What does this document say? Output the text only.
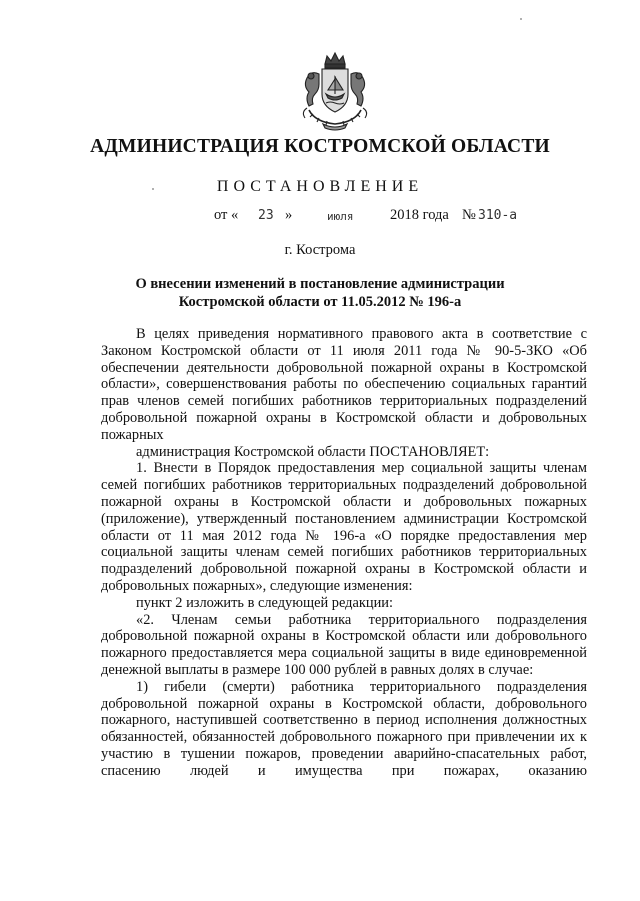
АДМИНИСТРАЦИЯ КОСТРОМСКОЙ ОБЛАСТИ
ПОСТАНОВЛЕНИЕ
от « 23 »	июля	2018 года № 310-а
г. Кострома
О внесении изменений в постановление администрации
Костромской области от 11.05.2012 № 196-а

В целях приведения нормативного правового акта в соответствие с Законом Костромской области от 11 июля 2011 года № 90-5-ЗКО «Об обеспечении деятельности добровольной пожарной охраны в Костромской области», совершенствования работы по обеспечению социальных гарантий прав членов семей погибших работников территориальных подразделений добровольной пожарной охраны в Костромской области и добровольных пожарных

администрация Костромской области ПОСТАНОВЛЯЕТ:

1. Внести в Порядок предоставления мер социальной защиты членам семей погибших работников территориальных подразделений добровольной пожарной охраны в Костромской области и добровольных пожарных (приложение), утвержденный постановлением администрации Костромской области от 11 мая 2012 года № 196-а «О порядке предоставления мер социальной защиты членам семей погибших работников территориальных подразделений добровольной пожарной охраны в Костромской области и добровольных пожарных», следующие изменения:

пункт 2 изложить в следующей редакции:

«2. Членам семьи работника территориального подразделения добровольной пожарной охраны в Костромской области или добровольного пожарного предоставляется мера социальной защиты в виде единовременной денежной выплаты в размере 100 000 рублей в равных долях в случае:

1) гибели (смерти) работника территориального подразделения добровольной пожарной охраны в Костромской области, добровольного пожарного, наступившей соответственно в период исполнения должностных обязанностей, обязанностей добровольного пожарного при привлечении их к участию в тушении пожаров, проведении аварийно-спасательных работ, спасению людей и имущества при пожарах, оказанию
